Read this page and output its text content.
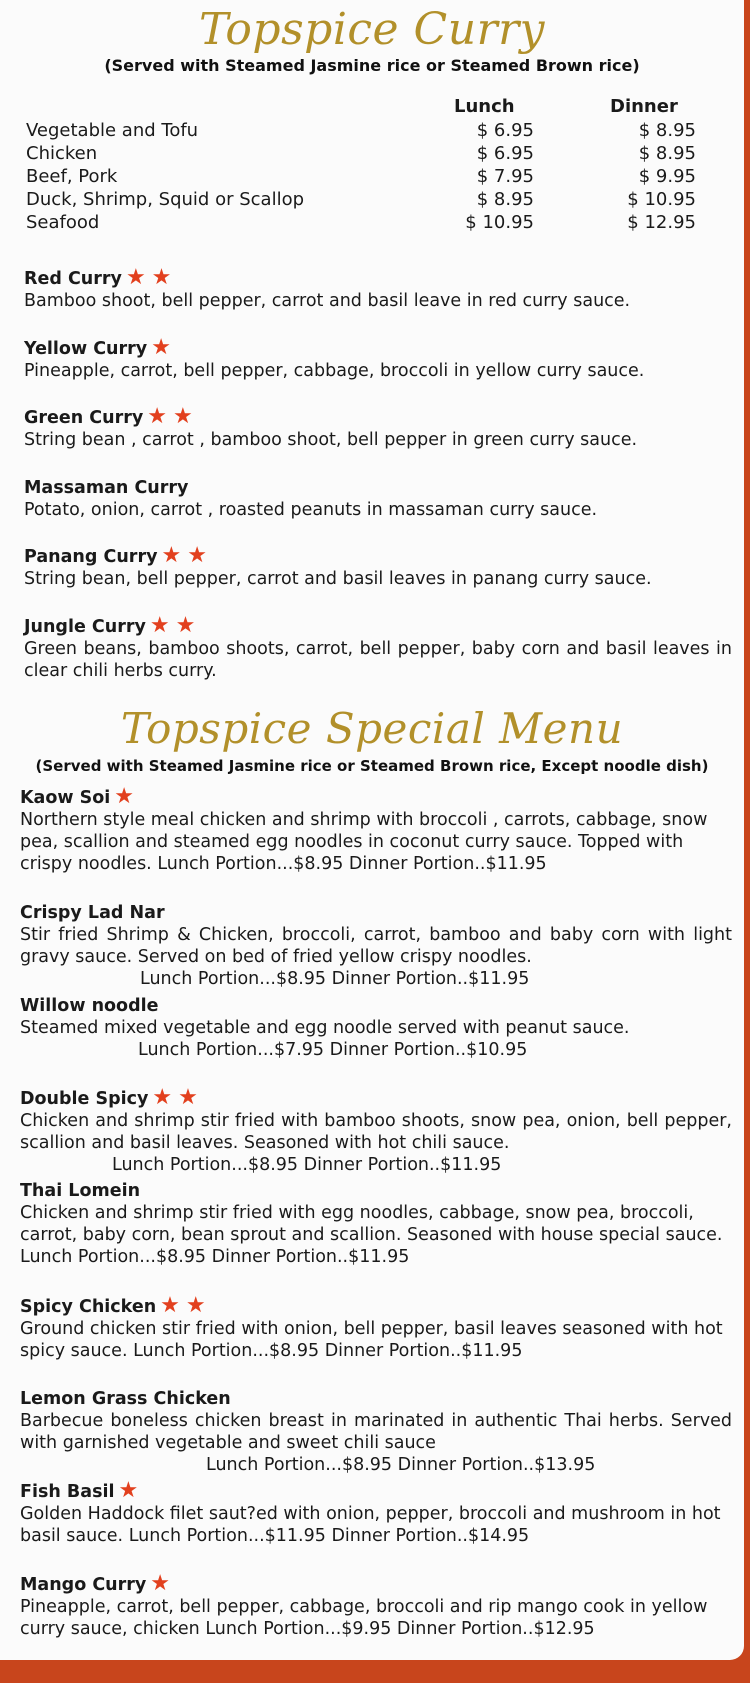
Topspice Curry
(Served with Steamed Jasmine rice or Steamed Brown rice)
Lunch	Dinner
Vegetable and Tofu	$ 6.95	$ 8.95
Chicken	$ 6.95	$ 8.95
Beef, Pork	$ 7.95	$ 9.95
Duck, Shrimp, Squid or Scallop	$ 8.95	$ 10.95
Seafood	$ 10.95	$ 12.95
Red Curry ★ ★
Bamboo shoot, bell pepper, carrot and basil leave in red curry sauce.
Yellow Curry ★
Pineapple, carrot, bell pepper, cabbage, broccoli in yellow curry sauce.
Green Curry ★ ★
String bean , carrot , bamboo shoot, bell pepper in green curry sauce.
Massaman Curry
Potato, onion, carrot , roasted peanuts in massaman curry sauce.
Panang Curry ★ ★
String bean, bell pepper, carrot and basil leaves in panang curry sauce.
Jungle Curry ★ ★
Green beans, bamboo shoots, carrot, bell pepper, baby corn and basil leaves in clear chili herbs curry.
Topspice Special Menu
(Served with Steamed Jasmine rice or Steamed Brown rice, Except noodle dish)
Kaow Soi ★
Northern style meal chicken and shrimp with broccoli , carrots, cabbage, snow pea, scallion and steamed egg noodles in coconut curry sauce. Topped with crispy noodles. Lunch Portion...$8.95 Dinner Portion..$11.95
Crispy Lad Nar
Stir fried Shrimp & Chicken, broccoli, carrot, bamboo and baby corn with light gravy sauce. Served on bed of fried yellow crispy noodles.
Lunch Portion...$8.95 Dinner Portion..$11.95
Willow noodle
Steamed mixed vegetable and egg noodle served with peanut sauce.
Lunch Portion...$7.95 Dinner Portion..$10.95
Double Spicy ★ ★
Chicken and shrimp stir fried with bamboo shoots, snow pea, onion, bell pepper, scallion and basil leaves. Seasoned with hot chili sauce.
Lunch Portion...$8.95 Dinner Portion..$11.95
Thai Lomein
Chicken and shrimp stir fried with egg noodles, cabbage, snow pea, broccoli, carrot, baby corn, bean sprout and scallion. Seasoned with house special sauce. Lunch Portion...$8.95 Dinner Portion..$11.95
Spicy Chicken ★ ★
Ground chicken stir fried with onion, bell pepper, basil leaves seasoned with hot spicy sauce. Lunch Portion...$8.95 Dinner Portion..$11.95
Lemon Grass Chicken
Barbecue boneless chicken breast in marinated in authentic Thai herbs. Served with garnished vegetable and sweet chili sauce
Lunch Portion...$8.95 Dinner Portion..$13.95
Fish Basil ★
Golden Haddock filet saut?ed with onion, pepper, broccoli and mushroom in hot basil sauce. Lunch Portion...$11.95 Dinner Portion..$14.95
Mango Curry ★
Pineapple, carrot, bell pepper, cabbage, broccoli and rip mango cook in yellow curry sauce, chicken Lunch Portion...$9.95 Dinner Portion..$12.95
